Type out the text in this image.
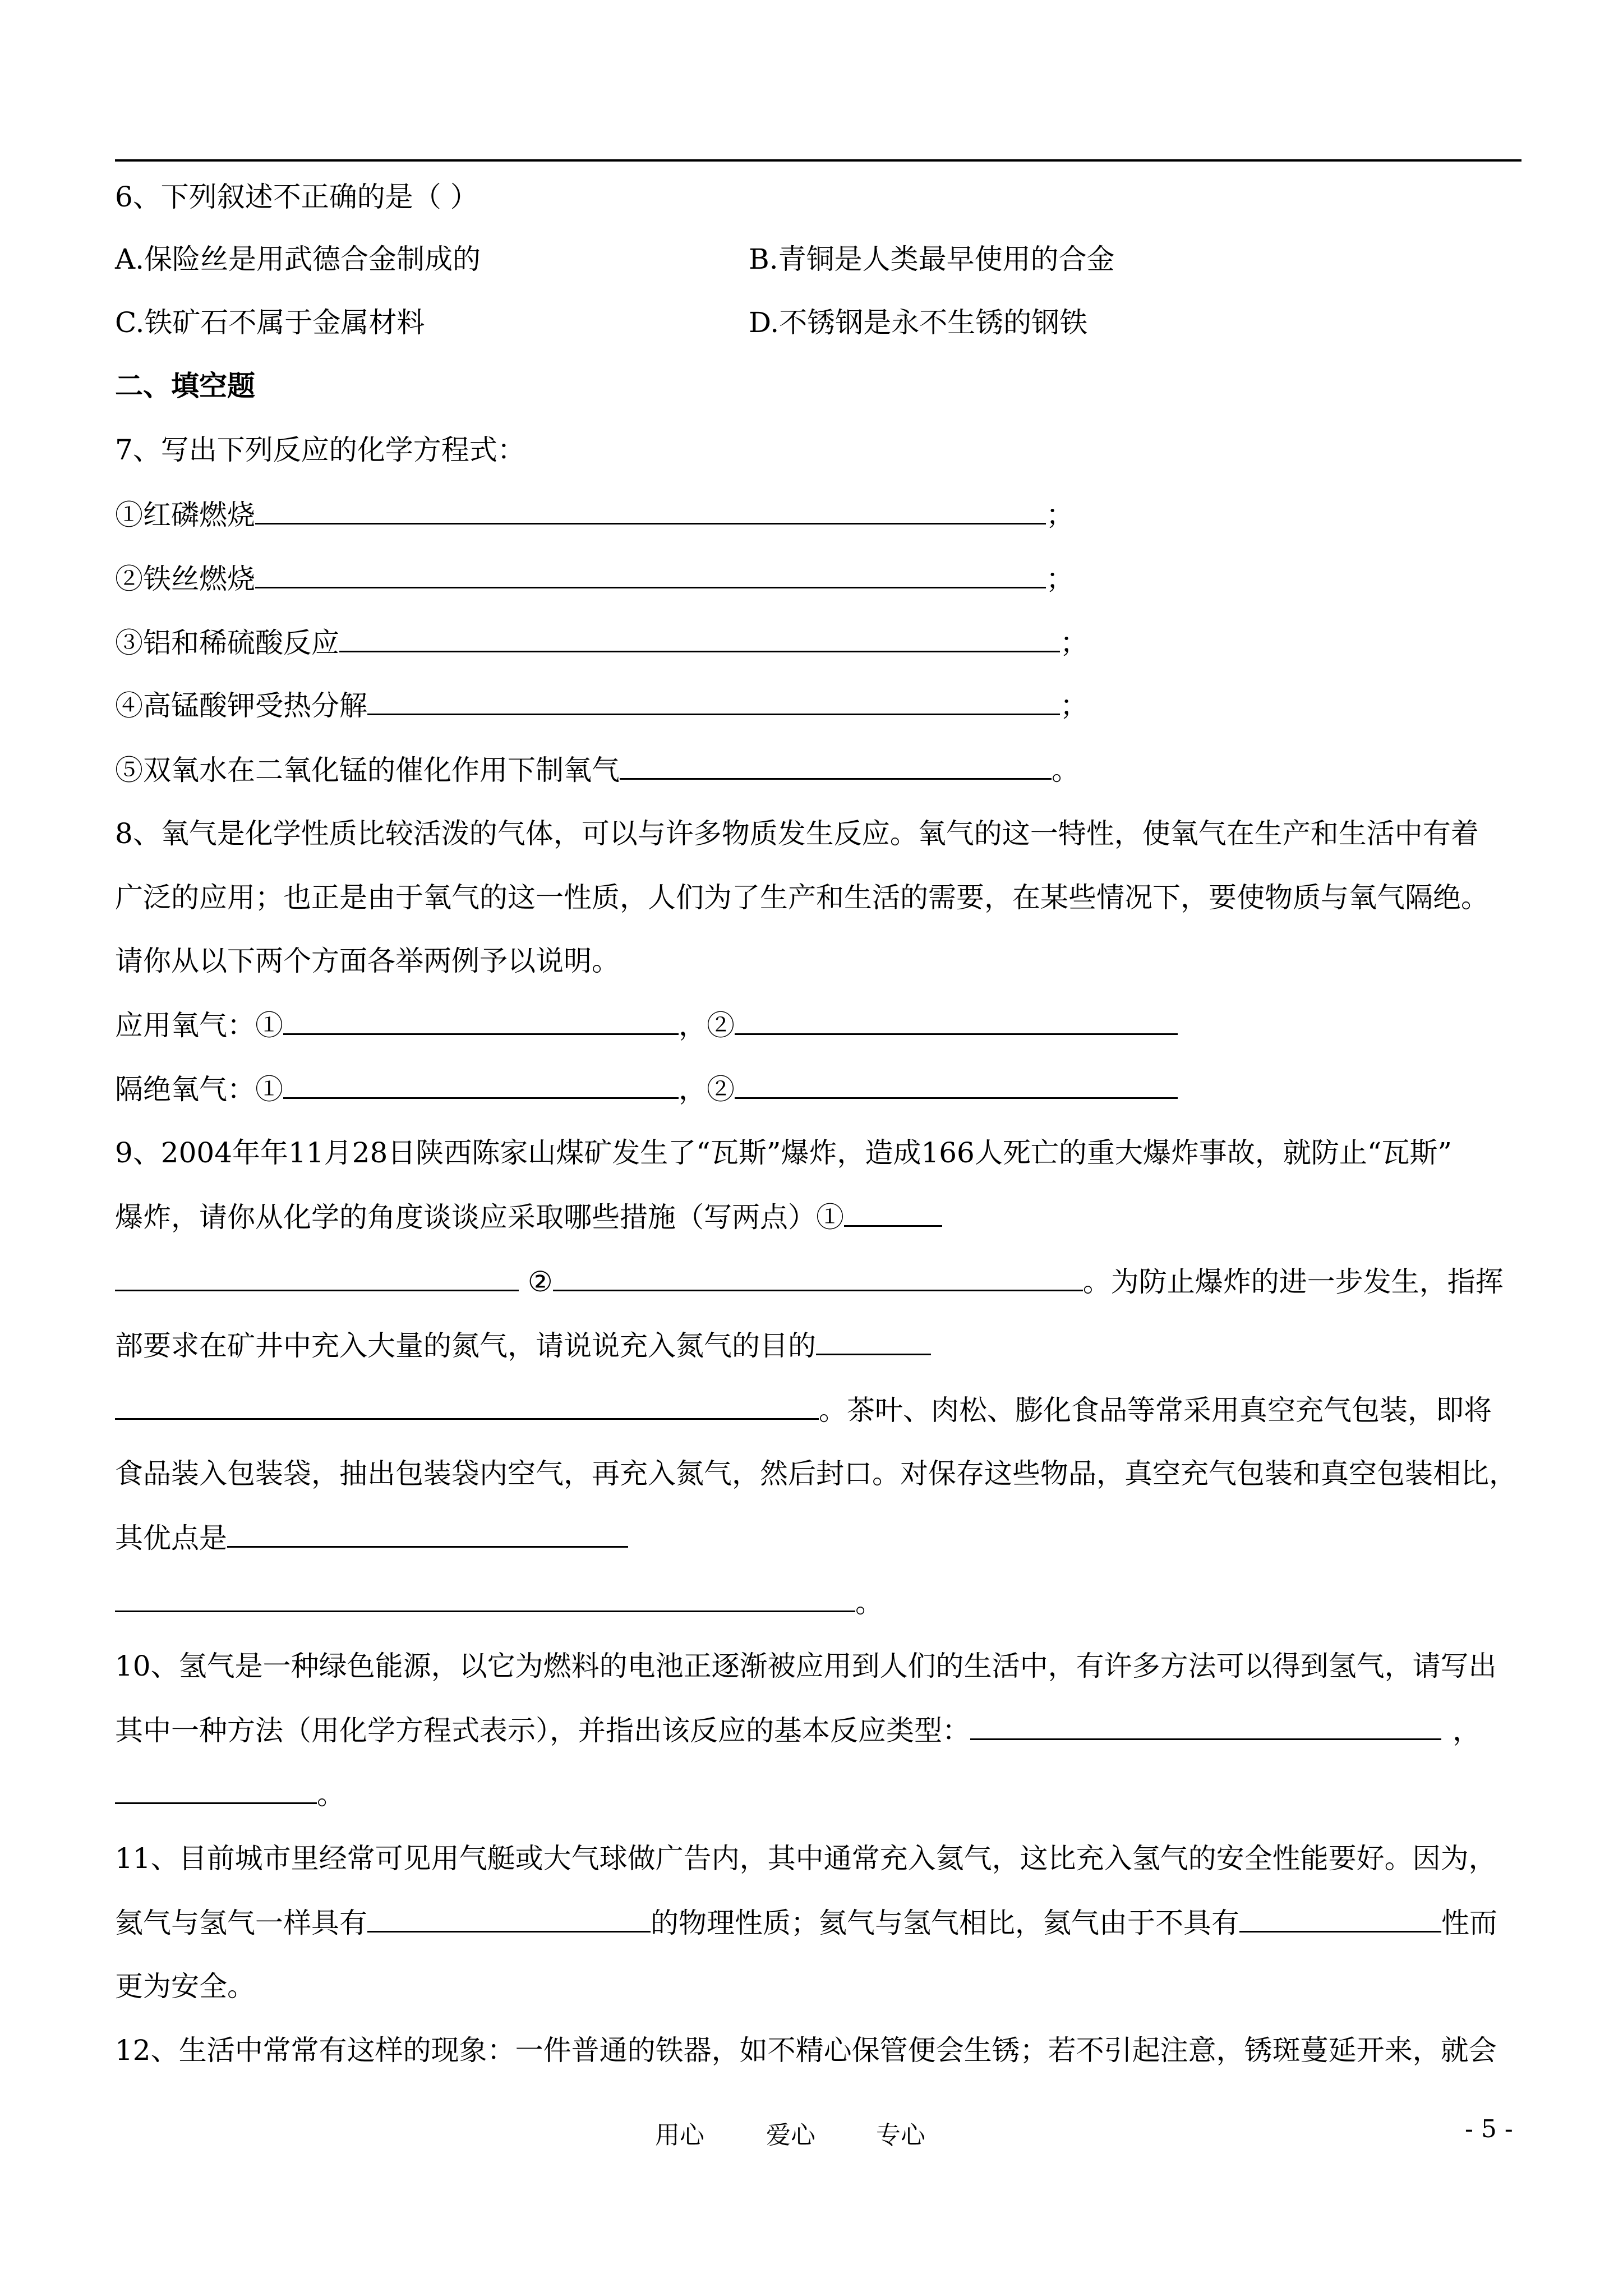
6、下列叙述不正确的是（ ）
A.保险丝是用武德合金制成的	B.青铜是人类最早使用的合金
C.铁矿石不属于金属材料	D.不锈钢是永不生锈的钢铁
二、填空题
7、写出下列反应的化学方程式：
①红磷燃烧	；
②铁丝燃烧	；
③铝和稀硫酸反应	；
④高锰酸钾受热分解	；
⑤双氧水在二氧化锰的催化作用下制氧气	。
8、氧气是化学性质比较活泼的气体，可以与许多物质发生反应。氧气的这一特性，使氧气在生产和生活中有着
广泛的应用；也正是由于氧气的这一性质，人们为了生产和生活的需要，在某些情况下，要使物质与氧气隔绝。
请你从以下两个方面各举两例予以说明。
应用氧气：①	，②
隔绝氧气：①	，②
9、2004年年11月28日陕西陈家山煤矿发生了“瓦斯”爆炸，造成166人死亡的重大爆炸事故，就防止“瓦斯”
爆炸，请你从化学的角度谈谈应采取哪些措施（写两点）①
②	。为防止爆炸的进一步发生，指挥
部要求在矿井中充入大量的氮气，请说说充入氮气的目的
。茶叶、肉松、膨化食品等常采用真空充气包装，即将
食品装入包装袋，抽出包装袋内空气，再充入氮气，然后封口。对保存这些物品，真空充气包装和真空包装相比，
其优点是
。
10、氢气是一种绿色能源，以它为燃料的电池正逐渐被应用到人们的生活中，有许多方法可以得到氢气，请写出
其中一种方法（用化学方程式表示），并指出该反应的基本反应类型：	，
。
11、目前城市里经常可见用气艇或大气球做广告内，其中通常充入氦气，这比充入氢气的安全性能要好。因为，
氦气与氢气一样具有	的物理性质；氦气与氢气相比，氦气由于不具有	性而
更为安全。
12、生活中常常有这样的现象：一件普通的铁器，如不精心保管便会生锈；若不引起注意，锈斑蔓延开来，就会
用心	爱心 专心	- 5 -
